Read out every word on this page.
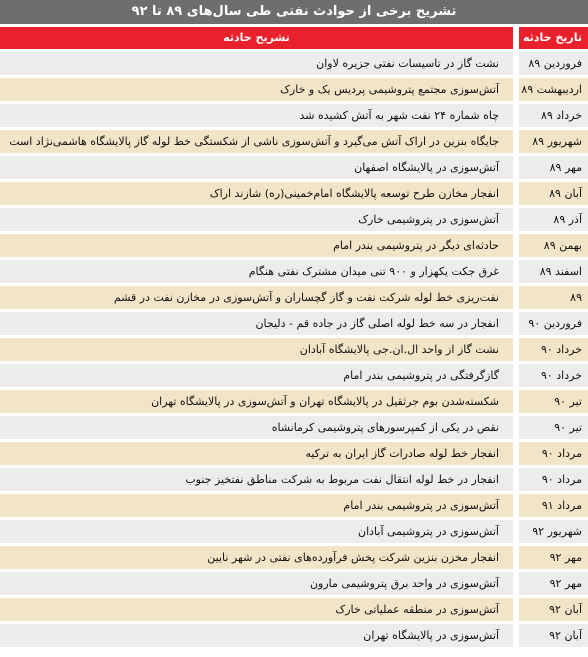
تشریح برخی از حوادث نفتی طی سال‌های ۸۹ تا ۹۲
تاریخ حادثه
تشریح حادثه
فروردین ۸۹
نشت گاز در تاسیسات نفتی جزیره لاوان
اردیبهشت ۸۹
آتش‌سوزی مجتمع پتروشیمی پردیس یک و خارک
خرداد ۸۹
چاه شماره ۲۴ نفت شهر به آتش کشیده شد
شهریور ۸۹
جایگاه بنزین در اراک آتش می‌گیرد و آتش‌سوزی ناشی از شکستگی خط لوله گاز پالایشگاه هاشمی‌نژاد است
مهر ۸۹
آتش‌سوزی در پالایشگاه اصفهان
آبان ۸۹
انفجار مخازن طرح توسعه پالایشگاه امام‌خمینی(ره) شازند اراک
آذر ۸۹
آتش‌سوزی در پتروشیمی خارک
بهمن ۸۹
حادثه‌ای دیگر در پتروشیمی بندر امام
اسفند ۸۹
غرق جکت یکهزار و ۹۰۰ تنی میدان مشترک نفتی هنگام
۸۹
نفت‌ریزی خط لوله شرکت نفت و گاز گچساران و آتش‌سوزی در مخازن نفت در قشم
فروردین ۹۰
انفجار در سه خط لوله اصلی گاز در جاده قم - دلیجان
خرداد ۹۰
نشت گاز از واحد ال.ان.جی پالایشگاه آبادان
خرداد ۹۰
گازگرفتگی در پتروشیمی بندر امام
تیر ۹۰
شکسته‌شدن بوم جرثقیل در پالایشگاه تهران و آتش‌سوزی در پالایشگاه تهران
تیر ۹۰
نقص در یکی از کمپرسورهای پتروشیمی کرمانشاه
مرداد ۹۰
انفجار خط لوله صادرات گاز ایران به ترکیه
مرداد ۹۰
انفجار در خط لوله انتقال نفت مربوط به شرکت مناطق نفتخیز جنوب
مرداد ۹۱
آتش‌سوزی در پتروشیمی بندر امام
شهریور ۹۲
آتش‌سوزی در پتروشیمی آبادان
مهر ۹۲
انفجار مخزن بنزین شرکت پخش فرآورده‌های نفتی در شهر نایین
مهر ۹۲
آتش‌سوزی در واحد برق پتروشیمی مارون
آبان ۹۲
آتش‌سوزی در منطقه عملیاتی خارک
آبان ۹۲
آتش‌سوزی در پالایشگاه تهران
